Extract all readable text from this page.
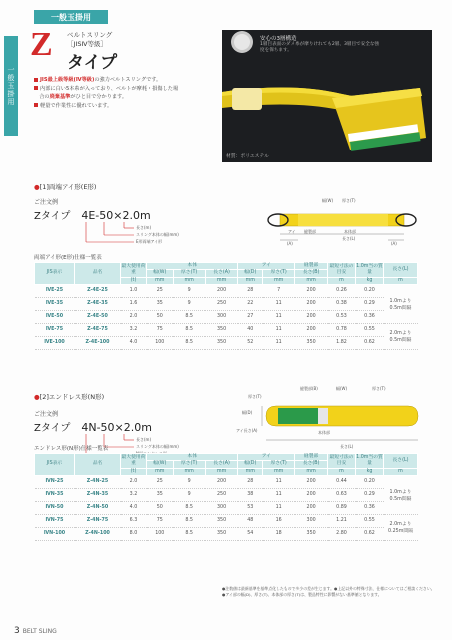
一般玉掛用
一般玉掛用
Z ベルトスリング
［JISⅣ等級］
タイプ
JIS最上級等級(Ⅳ等級)の強力ベルトスリングです。
内部に白い5本糸が入っており、ベルトが摩耗・損傷した場
　合の廃棄基準がひと目で分かります。
軽量で作業性に優れています。
安心の3層構造
1層目表面のダメ糸が摩りけれても2層、3層目で安全な強度を保ちます。
材質：ポリエステル
●[1]両端アイ形(E形)
ご注文例
Zタイプ　 4E-50×2.0m
長さ(m)
スリング本体の幅(mm)
E形両端アイ形
幅(W) 厚さ(T)
アイ 縫製部	本体部
長さ(L)
(A)	(A)
両端アイ形(E形)仕様一覧表
JIS表示	品名	最大使用荷重	本体			アイ		縫製部	最短寸法の目安	1.0m当の質量	長さ(L)
			幅(W)	厚さ(T)	長さ(A)	幅(D)	厚さ(T)	長さ(B)			
		(t)	mm	mm	mm	mm	mm	mm	m	kg	m
ⅣE-25	Z-4E-25	1.0	25	9	200	28	7	200	0.26	0.20	1.0mより
0.5m間隔

ⅣE-35	Z-4E-35	1.6	35	9	250	22	11	200	0.38	0.29	
ⅣE-50	Z-4E-50	2.0	50	8.5	300	27	11	200	0.53	0.36	
ⅣE-75	Z-4E-75	3.2	75	8.5	350	40	11	200	0.78	0.55	2.0mより
0.5m間隔

ⅣE-100	Z-4E-100	4.0	100	8.5	350	52	11	350	1.82	0.62	
●[2]エンドレス形(N形)
ご注文例
Zタイプ　 4N-50×2.0m
長さ(m)
スリング本体の幅(mm)
縫製部(B)	幅(W)	厚さ(T)
厚さ(T)
幅(D)
アイ長さ(A)	本体部
長さ(L)
エンドレス形(N形)仕様一覧表
JIS表示	品名	最大使用荷重	本体			アイ		縫製部	最短寸法の目安	1.0m当の質量	長さ(L)
			幅(W)	厚さ(T)	長さ(A)	幅(D)	厚さ(T)	長さ(B)			
		(t)	mm	mm	mm	mm	mm	mm	m	kg	m
ⅣN-25	Z-4N-25	2.0	25	9	200	28	11	200	0.44	0.20	1.0mより
0.5m間隔

ⅣN-35	Z-4N-35	3.2	35	9	250	38	11	200	0.63	0.29	
ⅣN-50	Z-4N-50	4.0	50	8.5	300	53	11	200	0.89	0.36	
ⅣN-75	Z-4N-75	6.3	75	8.5	350	48	16	300	1.21	0.55	2.0mより
0.25m間隔

ⅣN-100	Z-4N-100	8.0	100	8.5	350	54	18	350	2.80	0.62	
●注数値は最新基準を基準点化したもので多少の差が生じます。●上記以外の特殊寸法、仕様についてはご相談ください。
●アイ部の幅(D)、厚さ(T)、本体部の厚さ(T)は、製品特性に影響がない基準値となります。
3 BELT SLING
